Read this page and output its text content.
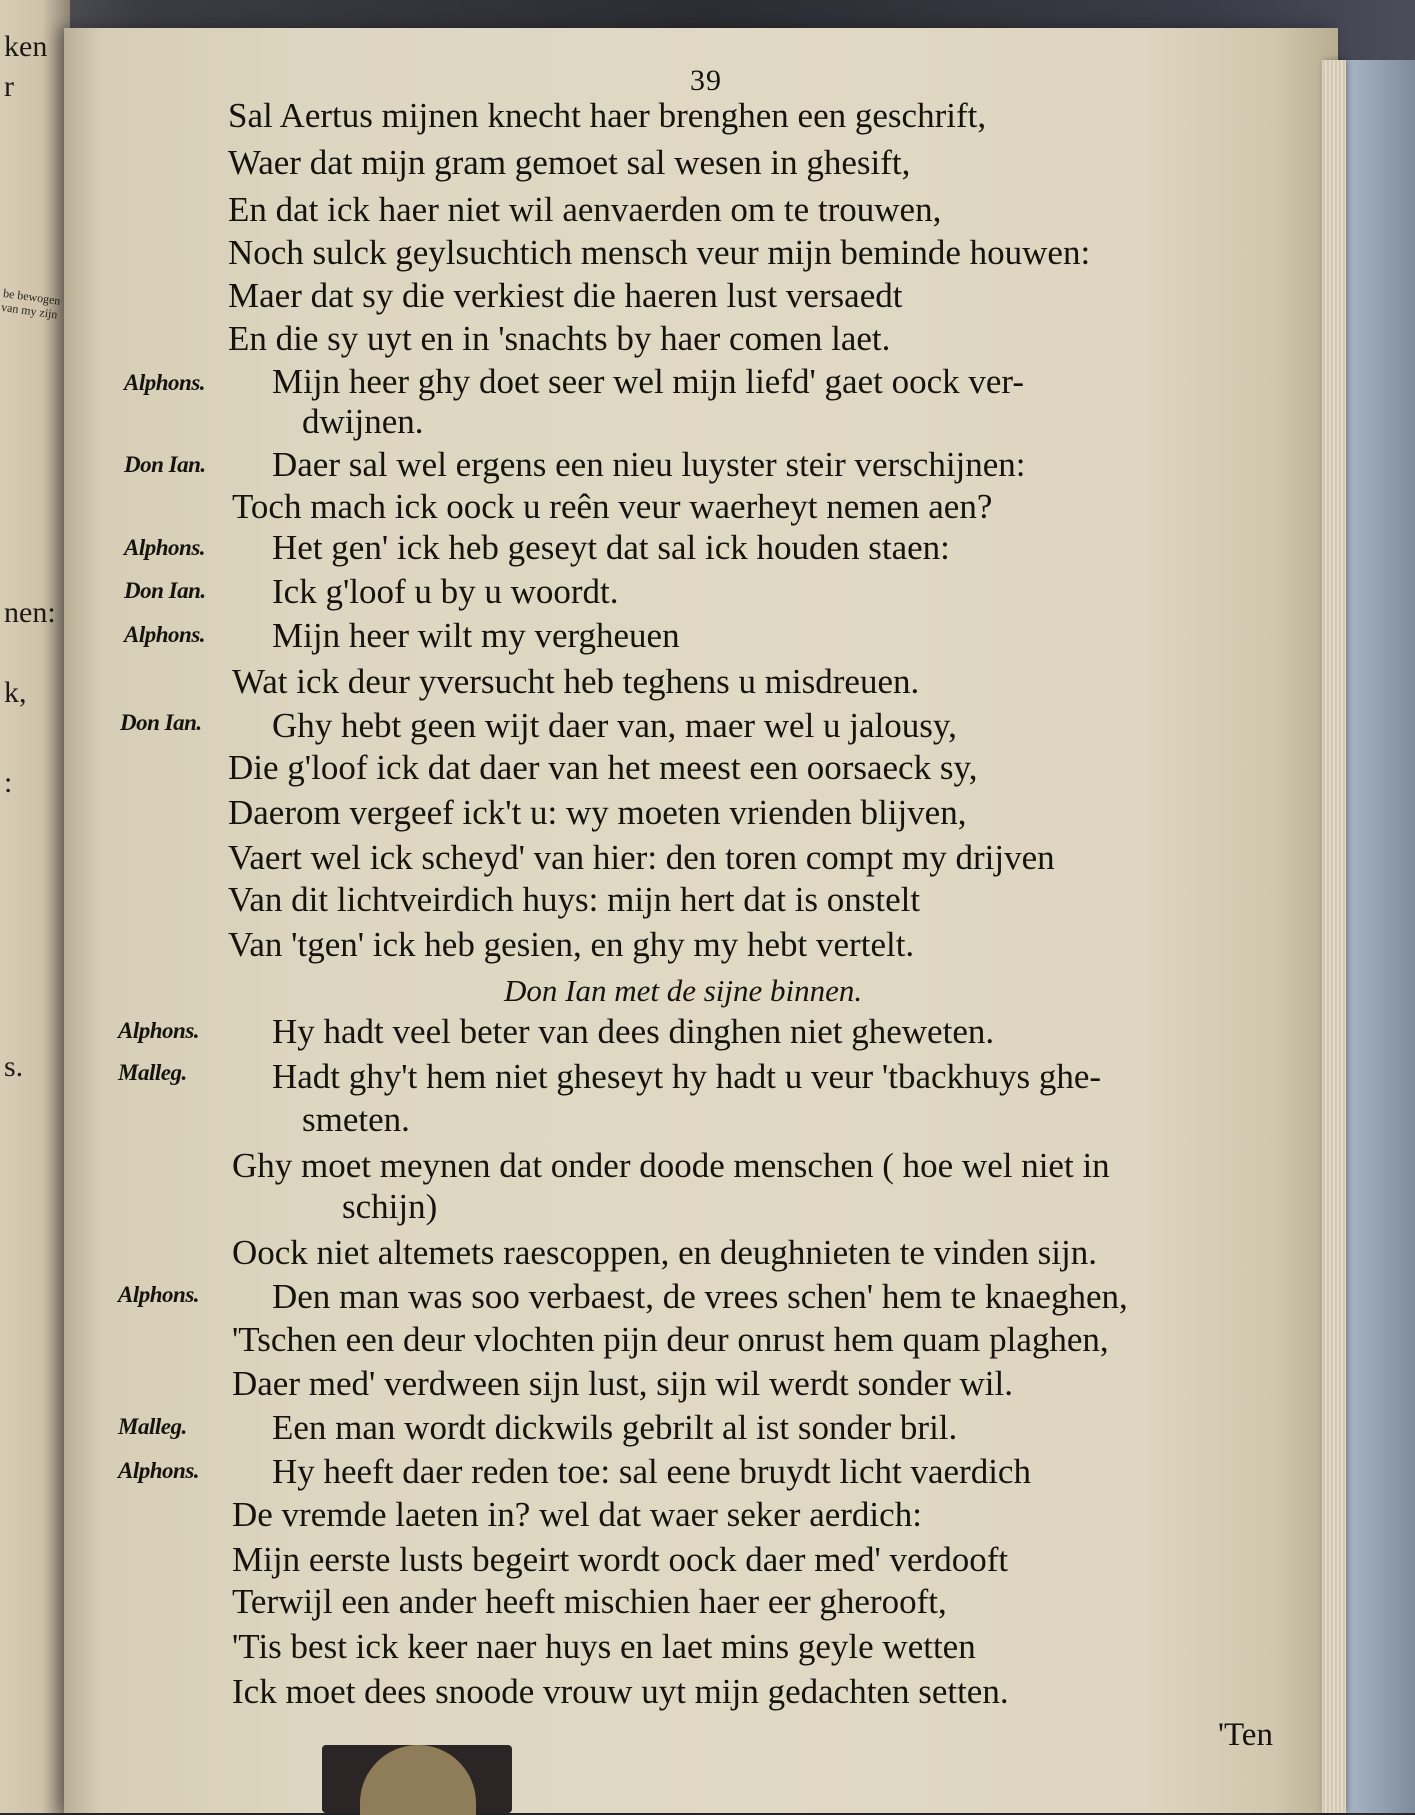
ken
r
be bewogen van my zijn
nen:
k,
:
s.
39
Sal Aertus mijnen knecht haer brenghen een geschrift,
Waer dat mijn gram gemoet sal wesen in ghesift,
En dat ick haer niet wil aenvaerden om te trouwen,
Noch sulck geylsuchtich mensch veur mijn beminde houwen:
Maer dat sy die verkiest die haeren lust versaedt
En die sy uyt en in 'snachts by haer comen laet.
Alphons. Mijn heer ghy doet seer wel mijn liefd' gaet oock ver-
dwijnen.
Don Ian. Daer sal wel ergens een nieu luyster steir verschijnen:
Toch mach ick oock u reên veur waerheyt nemen aen?
Alphons. Het gen' ick heb geseyt dat sal ick houden staen:
Don Ian. Ick g'loof u by u woordt.
Alphons. Mijn heer wilt my vergheuen
Wat ick deur yversucht heb teghens u misdreuen.
Don Ian. Ghy hebt geen wijt daer van, maer wel u jalousy,
Die g'loof ick dat daer van het meest een oorsaeck sy,
Daerom vergeef ick't u: wy moeten vrienden blijven,
Vaert wel ick scheyd' van hier: den toren compt my drijven
Van dit lichtveirdich huys: mijn hert dat is onstelt
Van 'tgen' ick heb gesien, en ghy my hebt vertelt.
Don Ian met de sijne binnen.
Alphons. Hy hadt veel beter van dees dinghen niet gheweten.
Malleg. Hadt ghy't hem niet gheseyt hy hadt u veur 'tbackhuys ghe-
smeten.
Ghy moet meynen dat onder doode menschen ( hoe wel niet in
schijn)
Oock niet altemets raescoppen, en deughnieten te vinden sijn.
Alphons. Den man was soo verbaest, de vrees schen' hem te knaeghen,
'Tschen een deur vlochten pijn deur onrust hem quam plaghen,
Daer med' verdween sijn lust, sijn wil werdt sonder wil.
Malleg. Een man wordt dickwils gebrilt al ist sonder bril.
Alphons. Hy heeft daer reden toe: sal eene bruydt licht vaerdich
De vremde laeten in? wel dat waer seker aerdich:
Mijn eerste lusts begeirt wordt oock daer med' verdooft
Terwijl een ander heeft mischien haer eer gherooft,
'Tis best ick keer naer huys en laet mins geyle wetten
Ick moet dees snoode vrouw uyt mijn gedachten setten.
'Ten
